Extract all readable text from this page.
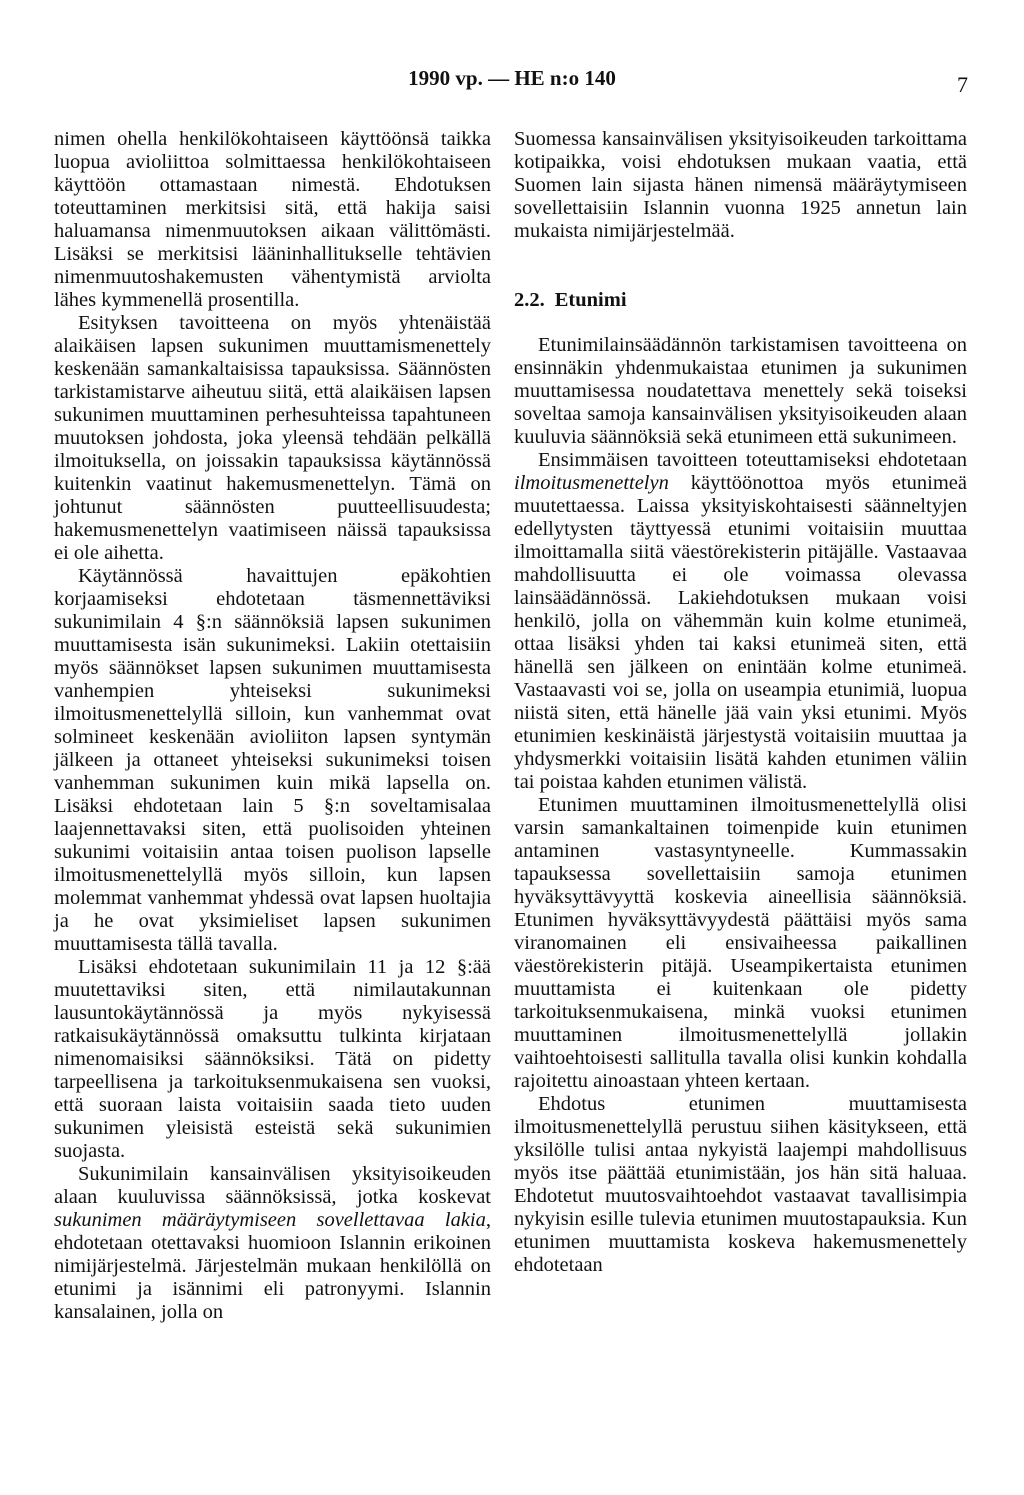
1990 vp. — HE n:o 140	7

nimen ohella henkilökohtaiseen käyttöönsä taikka luopua avioliittoa solmittaessa henkilökohtaiseen käyttöön ottamastaan nimestä. Ehdotuksen toteuttaminen merkitsisi sitä, että hakija saisi haluamansa nimenmuutoksen aikaan välittömästi. Lisäksi se merkitsisi lääninhallitukselle tehtävien nimenmuutoshakemusten vähentymistä arviolta lähes kymmenellä prosentilla.

Esityksen tavoitteena on myös yhtenäistää alaikäisen lapsen sukunimen muuttamismenettely keskenään samankaltaisissa tapauksissa. Säännösten tarkistamistarve aiheutuu siitä, että alaikäisen lapsen sukunimen muuttaminen perhesuhteissa tapahtuneen muutoksen johdosta, joka yleensä tehdään pelkällä ilmoituksella, on joissakin tapauksissa käytännössä kuitenkin vaatinut hakemusmenettelyn. Tämä on johtunut säännösten puutteellisuudesta; hakemusmenettelyn vaatimiseen näissä tapauksissa ei ole aihetta.

Käytännössä havaittujen epäkohtien korjaamiseksi ehdotetaan täsmennettäviksi sukunimilain 4 §:n säännöksiä lapsen sukunimen muuttamisesta isän sukunimeksi. Lakiin otettaisiin myös säännökset lapsen sukunimen muuttamisesta vanhempien yhteiseksi sukunimeksi ilmoitusmenettelyllä silloin, kun vanhemmat ovat solmineet keskenään avioliiton lapsen syntymän jälkeen ja ottaneet yhteiseksi sukunimeksi toisen vanhemman sukunimen kuin mikä lapsella on. Lisäksi ehdotetaan lain 5 §:n soveltamisalaa laajennettavaksi siten, että puolisoiden yhteinen sukunimi voitaisiin antaa toisen puolison lapselle ilmoitusmenettelyllä myös silloin, kun lapsen molemmat vanhemmat yhdessä ovat lapsen huoltajia ja he ovat yksimieliset lapsen sukunimen muuttamisesta tällä tavalla.

Lisäksi ehdotetaan sukunimilain 11 ja 12 §:ää muutettaviksi siten, että nimilautakunnan lausuntokäytännössä ja myös nykyisessä ratkaisukäytännössä omaksuttu tulkinta kirjataan nimenomaisiksi säännöksiksi. Tätä on pidetty tarpeellisena ja tarkoituksenmukaisena sen vuoksi, että suoraan laista voitaisiin saada tieto uuden sukunimen yleisistä esteistä sekä sukunimien suojasta.

Sukunimilain kansainvälisen yksityisoikeuden alaan kuuluvissa säännöksissä, jotka koskevat sukunimen määräytymiseen sovellettavaa lakia, ehdotetaan otettavaksi huomioon Islannin erikoinen nimijärjestelmä. Järjestelmän mukaan henkilöllä on etunimi ja isännimi eli patronyymi. Islannin kansalainen, jolla on

Suomessa kansainvälisen yksityisoikeuden tarkoittama kotipaikka, voisi ehdotuksen mukaan vaatia, että Suomen lain sijasta hänen nimensä määräytymiseen sovellettaisiin Islannin vuonna 1925 annetun lain mukaista nimijärjestelmää.

2.2. Etunimi

Etunimilainsäädännön tarkistamisen tavoitteena on ensinnäkin yhdenmukaistaa etunimen ja sukunimen muuttamisessa noudatettava menettely sekä toiseksi soveltaa samoja kansainvälisen yksityisoikeuden alaan kuuluvia säännöksiä sekä etunimeen että sukunimeen.

Ensimmäisen tavoitteen toteuttamiseksi ehdotetaan ilmoitusmenettelyn käyttöönottoa myös etunimeä muutettaessa. Laissa yksityiskohtaisesti säänneltyjen edellytysten täyttyessä etunimi voitaisiin muuttaa ilmoittamalla siitä väestörekisterin pitäjälle. Vastaavaa mahdollisuutta ei ole voimassa olevassa lainsäädännössä. Lakiehdotuksen mukaan voisi henkilö, jolla on vähemmän kuin kolme etunimeä, ottaa lisäksi yhden tai kaksi etunimeä siten, että hänellä sen jälkeen on enintään kolme etunimeä. Vastaavasti voi se, jolla on useampia etunimiä, luopua niistä siten, että hänelle jää vain yksi etunimi. Myös etunimien keskinäistä järjestystä voitaisiin muuttaa ja yhdysmerkki voitaisiin lisätä kahden etunimen väliin tai poistaa kahden etunimen välistä.

Etunimen muuttaminen ilmoitusmenettelyllä olisi varsin samankaltainen toimenpide kuin etunimen antaminen vastasyntyneelle. Kummassakin tapauksessa sovellettaisiin samoja etunimen hyväksyttävyyttä koskevia aineellisia säännöksiä. Etunimen hyväksyttävyydestä päättäisi myös sama viranomainen eli ensivaiheessa paikallinen väestörekisterin pitäjä. Useampikertaista etunimen muuttamista ei kuitenkaan ole pidetty tarkoituksenmukaisena, minkä vuoksi etunimen muuttaminen ilmoitusmenettelyllä jollakin vaihtoehtoisesti sallitulla tavalla olisi kunkin kohdalla rajoitettu ainoastaan yhteen kertaan.

Ehdotus etunimen muuttamisesta ilmoitusmenettelyllä perustuu siihen käsitykseen, että yksilölle tulisi antaa nykyistä laajempi mahdollisuus myös itse päättää etunimistään, jos hän sitä haluaa. Ehdotetut muutosvaihtoehdot vastaavat tavallisimpia nykyisin esille tulevia etunimen muutostapauksia. Kun etunimen muuttamista koskeva hakemusmenettely ehdotetaan
